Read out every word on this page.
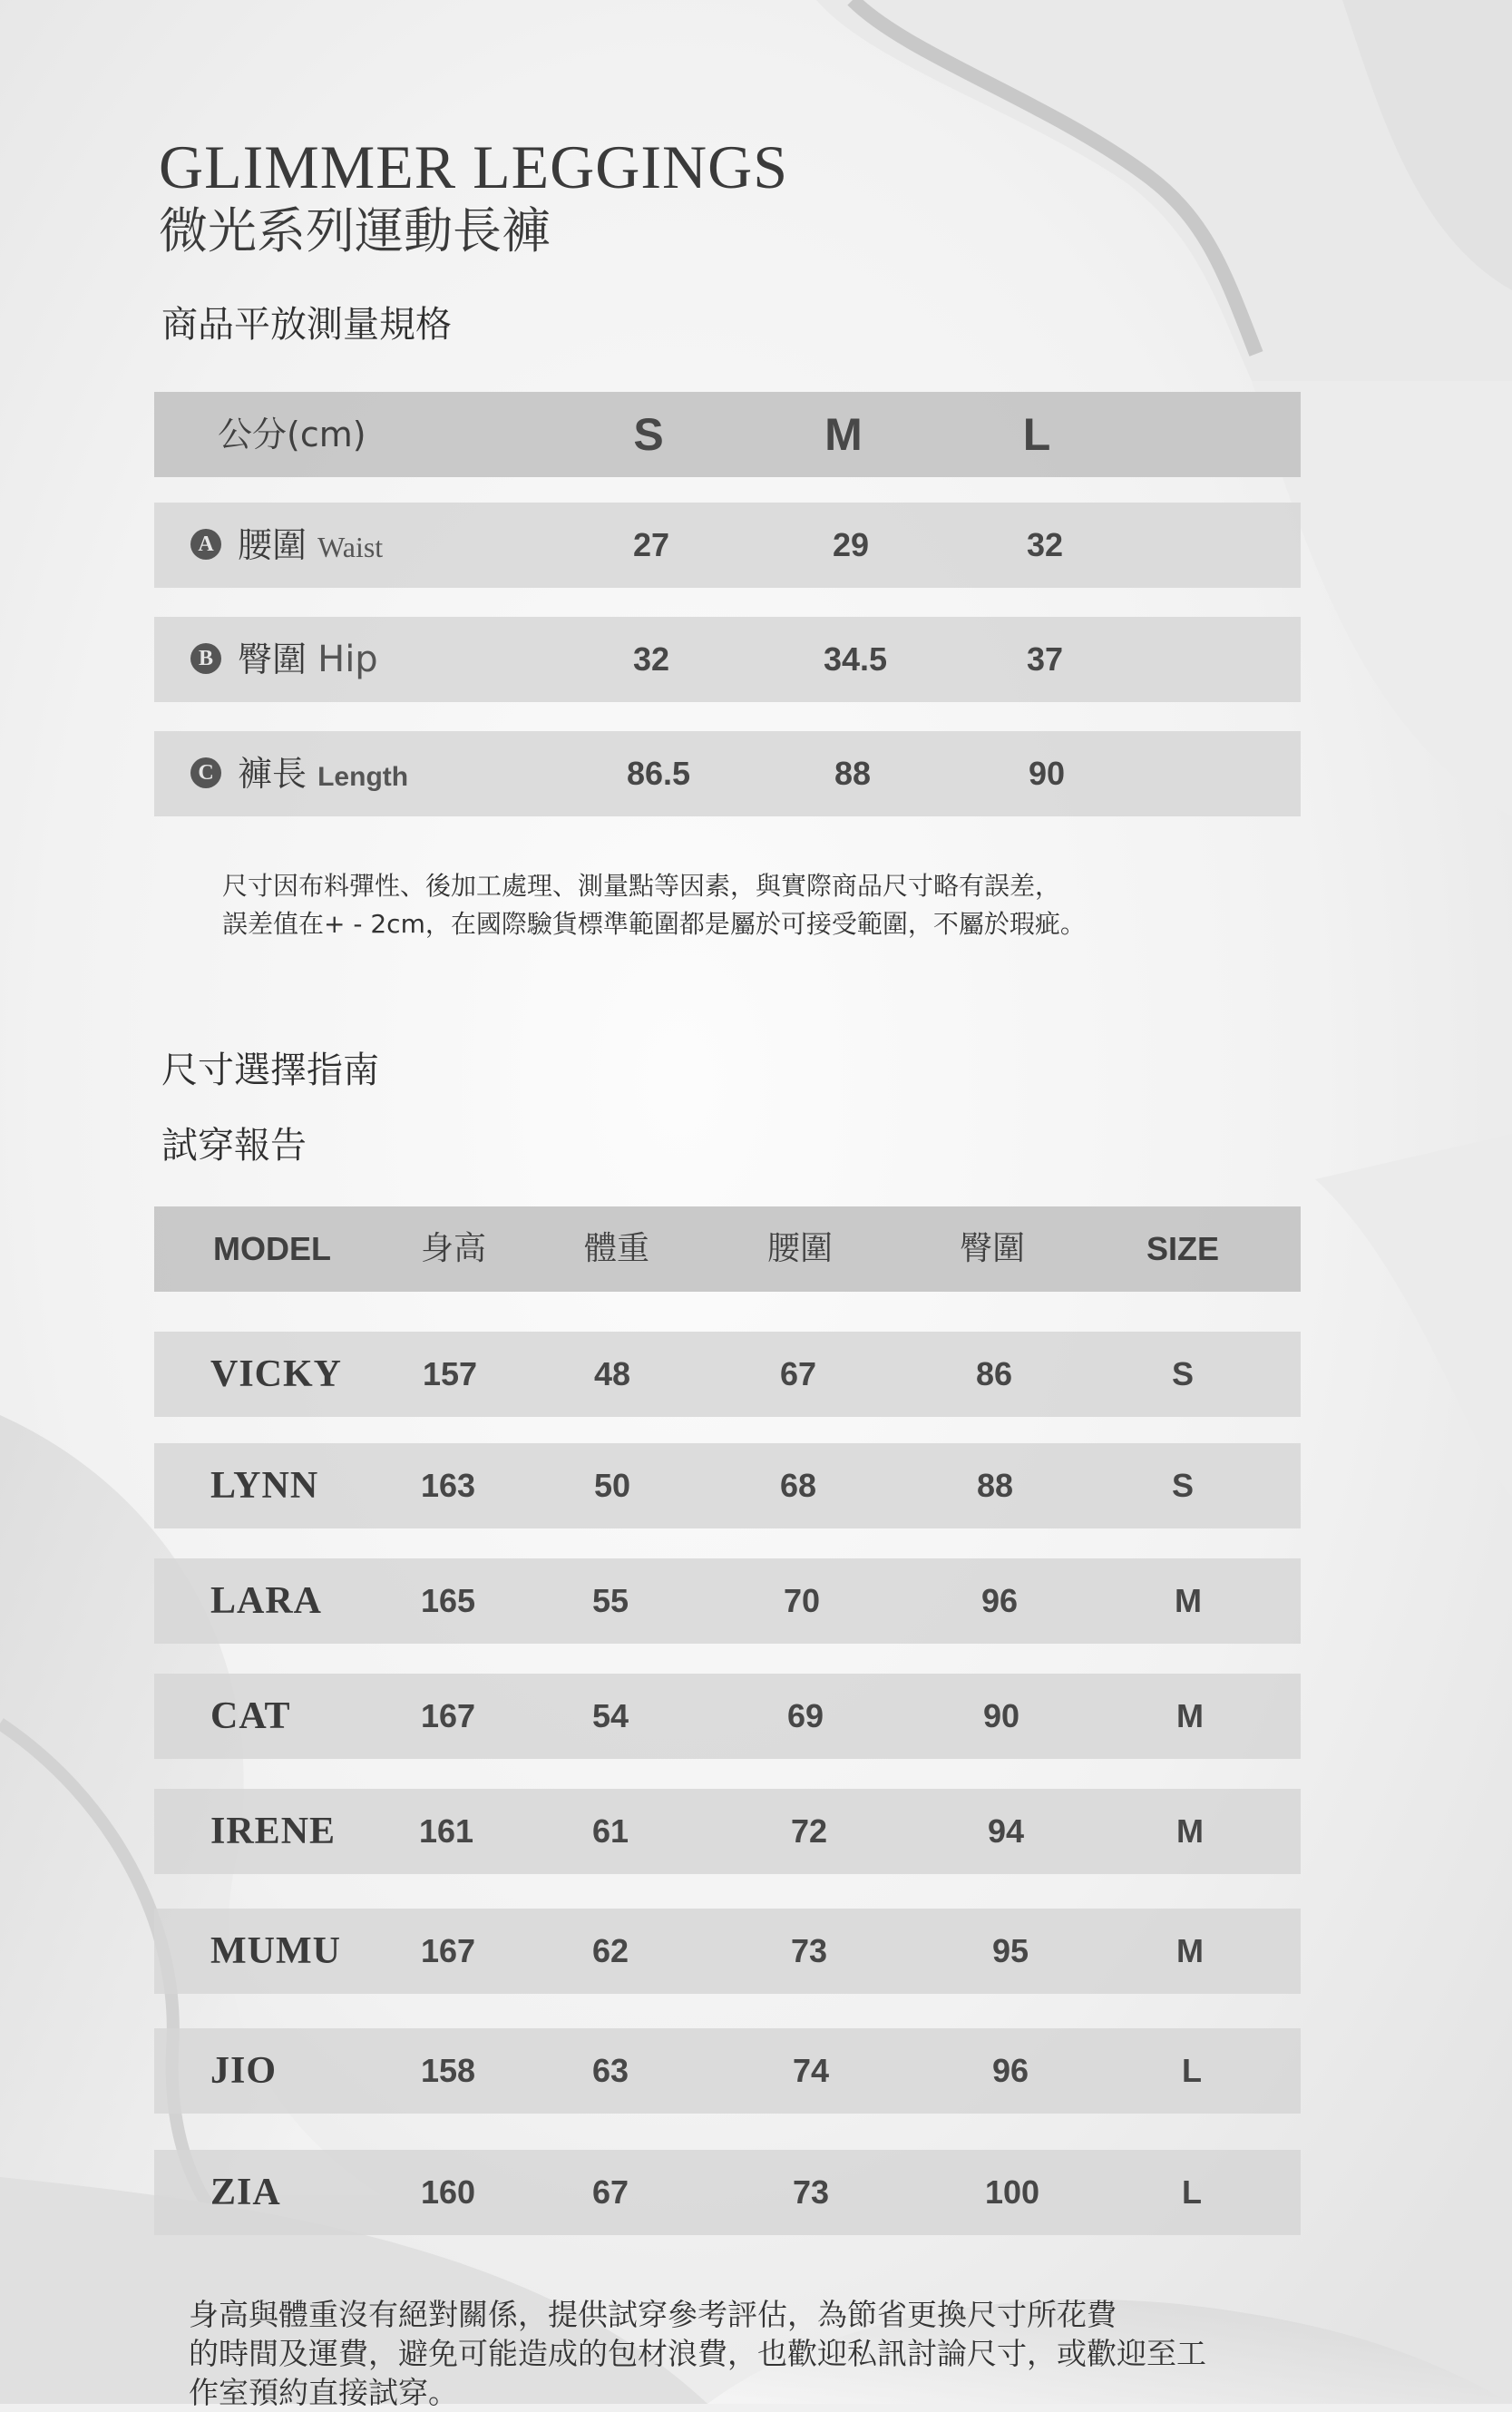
GLIMMER LEGGINGS
微光系列運動長褲
商品平放測量規格
公分(cm)	S	M	L
A 腰圍 Waist	27	29	32
B 臀圍 Hip	32	34.5	37
C 褲長 Length	86.5	88	90
尺寸因布料彈性、後加工處理、測量點等因素，與實際商品尺寸略有誤差，
誤差值在+ - 2cm，在國際驗貨標準範圍都是屬於可接受範圍，不屬於瑕疵。
尺寸選擇指南
試穿報告
MODEL	身高	體重	腰圍	臀圍	SIZE
VICKY 157	48	67	86	S
LYNN	163	50	68	88	S
LARA	165	55	70	96	M
CAT	167	54	69	90	M
IRENE	161	61	72	94	M
MUMU 167	62	73	95	M
JIO	158	63	74	96	L
ZIA	160	67	73	100	L
身高與體重沒有絕對關係，提供試穿參考評估，為節省更換尺寸所花費
的時間及運費，避免可能造成的包材浪費，也歡迎私訊討論尺寸，或歡迎至工
作室預約直接試穿。
